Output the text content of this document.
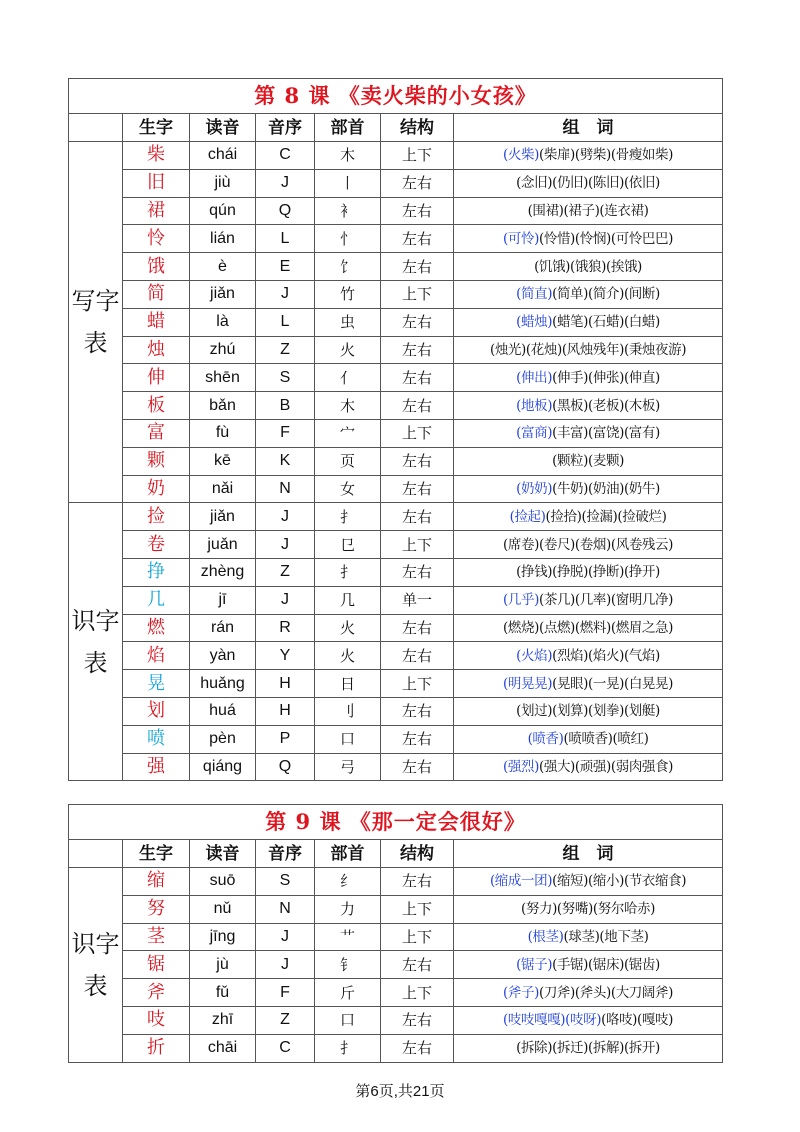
第 8 课 《卖火柴的小女孩》						
	生字	读音	音序	部首	结构	组　词
写字表	柴	chái	C	木	上下	(火柴)(柴扉)(劈柴)(骨瘦如柴)
	旧	jiù	J	丨	左右	(念旧)(仍旧)(陈旧)(依旧)
	裙	qún	Q	衤	左右	(围裙)(裙子)(连衣裙)
	怜	lián	L	忄	左右	(可怜)(怜惜)(怜悯)(可怜巴巴)
	饿	è	E	饣	左右	(饥饿)(饿狼)(挨饿)
	简	jiǎn	J	竹	上下	(简直)(简单)(简介)(间断)
	蜡	là	L	虫	左右	(蜡烛)(蜡笔)(石蜡)(白蜡)
	烛	zhú	Z	火	左右	(烛光)(花烛)(风烛残年)(秉烛夜游)
	伸	shēn	S	亻	左右	(伸出)(伸手)(伸张)(伸直)
	板	bǎn	B	木	左右	(地板)(黑板)(老板)(木板)
	富	fù	F	宀	上下	(富商)(丰富)(富饶)(富有)
	颗	kē	K	页	左右	(颗粒)(麦颗)
	奶	nǎi	N	女	左右	(奶奶)(牛奶)(奶油)(奶牛)
识字表	捡	jiǎn	J	扌	左右	(捡起)(捡拾)(捡漏)(捡破烂)
	卷	juǎn	J	㔾	上下	(席卷)(卷尺)(卷烟)(风卷残云)
	挣	zhèng	Z	扌	左右	(挣钱)(挣脱)(挣断)(挣开)
	几	jī	J	几	单一	(几乎)(茶几)(几率)(窗明几净)
	燃	rán	R	火	左右	(燃烧)(点燃)(燃料)(燃眉之急)
	焰	yàn	Y	火	左右	(火焰)(烈焰)(焰火)(气焰)
	晃	huǎng	H	日	上下	(明晃晃)(晃眼)(一晃)(白晃晃)
	划	huá	H	刂	左右	(划过)(划算)(划拳)(划艇)
	喷	pèn	P	口	左右	(喷香)(喷喷香)(喷红)
	强	qiáng	Q	弓	左右	(强烈)(强大)(顽强)(弱肉强食)
第 9 课 《那一定会很好》						
	生字	读音	音序	部首	结构	组　词
识字表	缩	suō	S	纟	左右	(缩成一团)(缩短)(缩小)(节衣缩食)
	努	nǔ	N	力	上下	(努力)(努嘴)(努尔哈赤)
	茎	jīng	J	艹	上下	(根茎)(球茎)(地下茎)
	锯	jù	J	钅	左右	(锯子)(手锯)(锯床)(锯齿)
	斧	fǔ	F	斤	上下	(斧子)(刀斧)(斧头)(大刀阔斧)
	吱	zhī	Z	口	左右	(吱吱嘎嘎)(吱呀)(咯吱)(嘎吱)
	折	chāi	C	扌	左右	(拆除)(拆迁)(拆解)(拆开)
第6页,共21页
